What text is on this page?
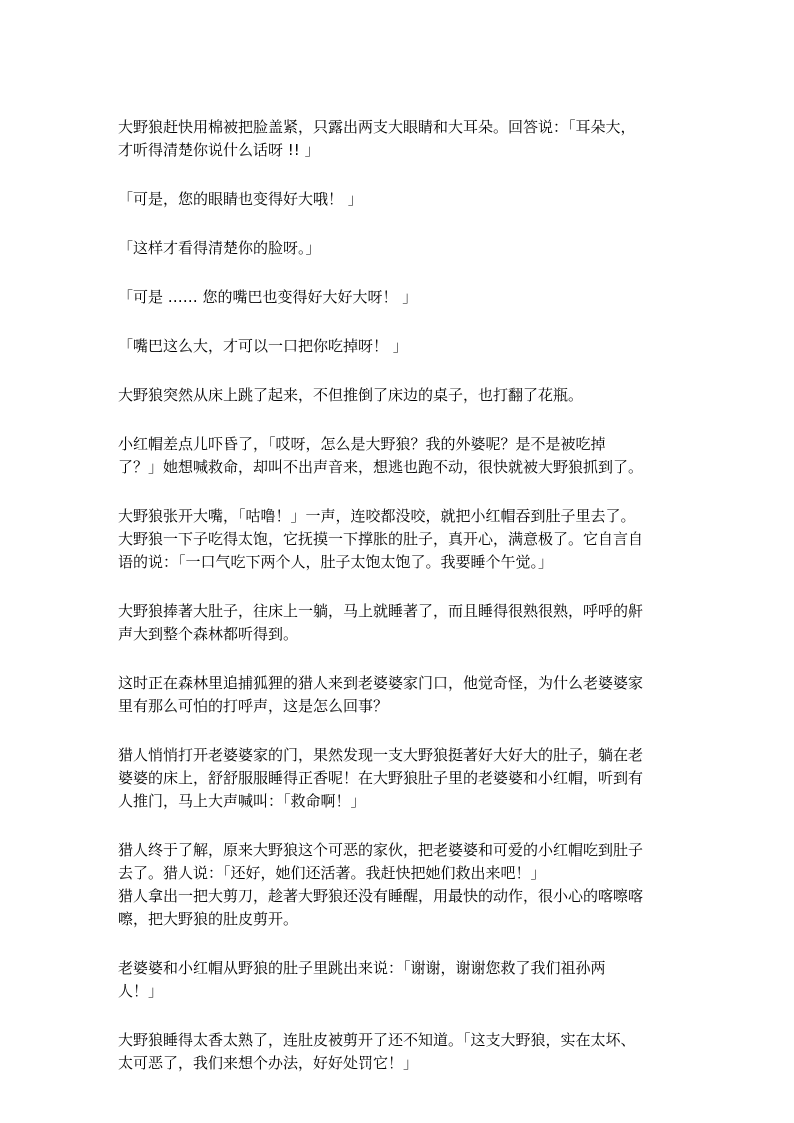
大野狼赶快用棉被把脸盖紧，只露出两支大眼睛和大耳朵。回答说：「耳朵大，
才听得清楚你说什么话呀 !! 」

「可是，您的眼睛也变得好大哦！ 」

「这样才看得清楚你的脸呀。」

「可是 …… 您的嘴巴也变得好大好大呀！ 」

「嘴巴这么大，才可以一口把你吃掉呀！ 」

大野狼突然从床上跳了起来，不但推倒了床边的桌子，也打翻了花瓶。

小红帽差点儿吓昏了，「哎呀，怎么是大野狼？我的外婆呢？是不是被吃掉
了？」她想喊救命，却叫不出声音来，想逃也跑不动，很快就被大野狼抓到了。

大野狼张开大嘴，「咕噜！」一声，连咬都没咬，就把小红帽吞到肚子里去了。
大野狼一下子吃得太饱，它抚摸一下撑胀的肚子，真开心，满意极了。它自言自
语的说：「一口气吃下两个人，肚子太饱太饱了。我要睡个午觉。」

大野狼捧著大肚子，往床上一躺，马上就睡著了，而且睡得很熟很熟，呼呼的鼾
声大到整个森林都听得到。

这时正在森林里追捕狐狸的猎人来到老婆婆家门口，他觉奇怪，为什么老婆婆家
里有那么可怕的打呼声，这是怎么回事？

猎人悄悄打开老婆婆家的门，果然发现一支大野狼挺著好大好大的肚子，躺在老
婆婆的床上，舒舒服服睡得正香呢！在大野狼肚子里的老婆婆和小红帽，听到有
人推门，马上大声喊叫：「救命啊！」

猎人终于了解，原来大野狼这个可恶的家伙，把老婆婆和可爱的小红帽吃到肚子
去了。猎人说：「还好，她们还活著。我赶快把她们救出来吧！」
猎人拿出一把大剪刀，趁著大野狼还没有睡醒，用最快的动作，很小心的喀嚓喀
嚓，把大野狼的肚皮剪开。

老婆婆和小红帽从野狼的肚子里跳出来说：「谢谢，谢谢您救了我们祖孙两
人！」

大野狼睡得太香太熟了，连肚皮被剪开了还不知道。「这支大野狼，实在太坏、
太可恶了，我们来想个办法，好好处罚它！」
